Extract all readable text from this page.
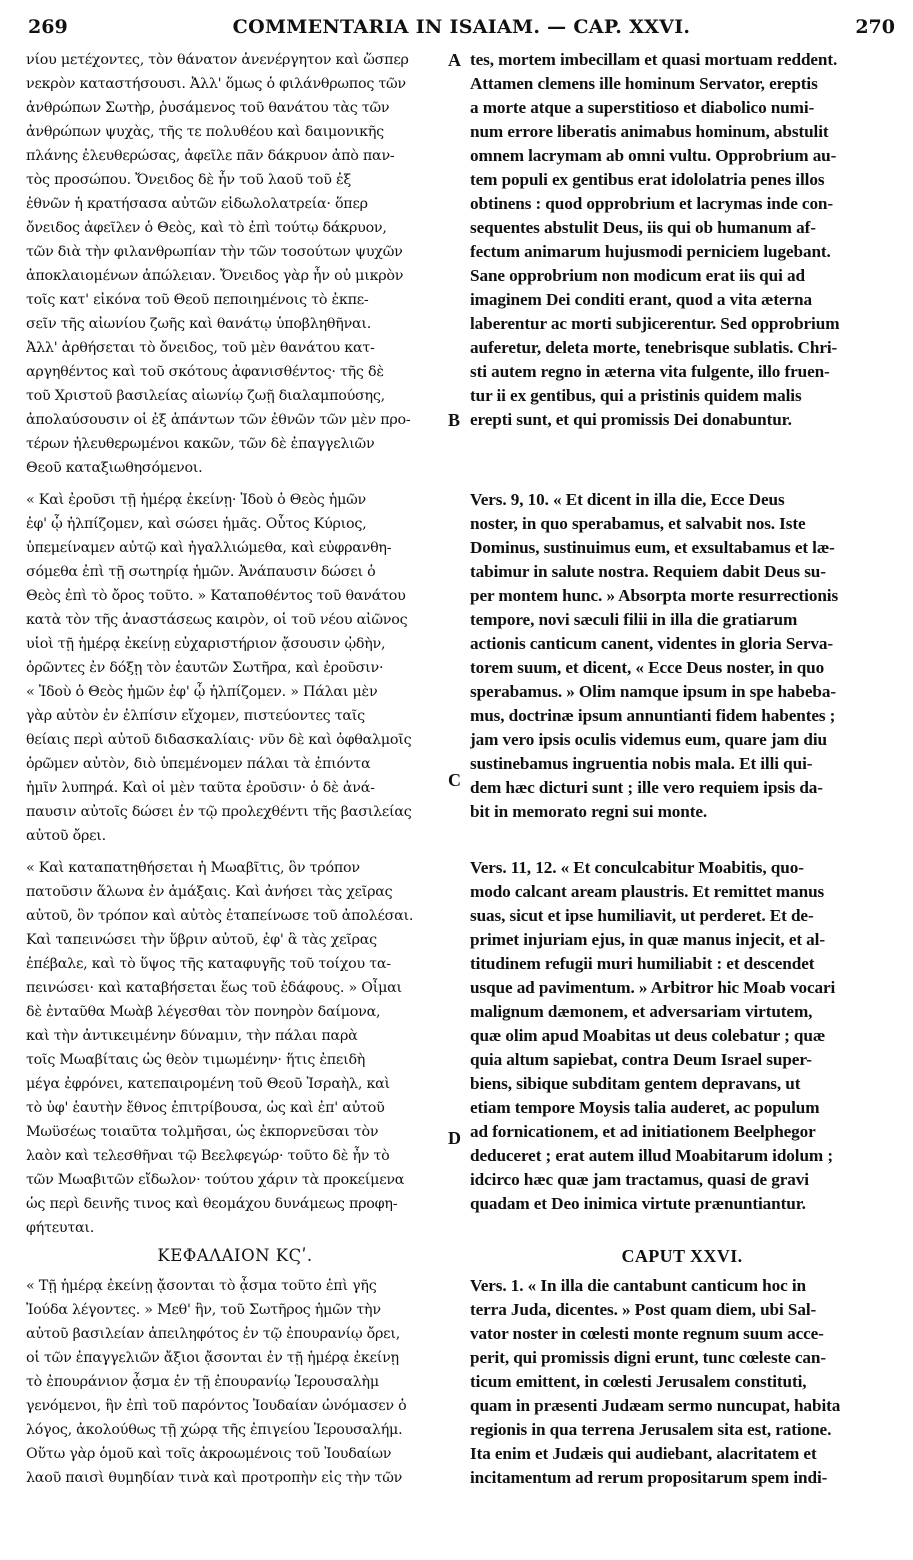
269	COMMENTARIA IN ISAIAM. — CAP. XXVI.	270
νίου μετέχοντες, τὸν θάνατον ἀνενέργητον καὶ ὥσπερ
νεκρὸν καταστήσουσι. Ἀλλ' ὅμως ὁ φιλάνθρωπος τῶν
ἀνθρώπων Σωτὴρ, ῥυσάμενος τοῦ θανάτου τὰς τῶν
ἀνθρώπων ψυχὰς, τῆς τε πολυθέου καὶ δαιμονικῆς
πλάνης ἐλευθερώσας, ἀφεῖλε πᾶν δάκρυον ἀπὸ παν-
τὸς προσώπου. Ὄνειδος δὲ ἦν τοῦ λαοῦ τοῦ ἐξ
ἐθνῶν ἡ κρατήσασα αὐτῶν εἰδωλολατρεία· ὅπερ
ὄνειδος ἀφεῖλεν ὁ Θεὸς, καὶ τὸ ἐπὶ τούτῳ δάκρυον,
τῶν διὰ τὴν φιλανθρωπίαν τὴν τῶν τοσούτων ψυχῶν
ἀποκλαιομένων ἀπώλειαν. Ὄνειδος γὰρ ἦν οὐ μικρὸν
τοῖς κατ' εἰκόνα τοῦ Θεοῦ πεποιημένοις τὸ ἐκπε-
σεῖν τῆς αἰωνίου ζωῆς καὶ θανάτῳ ὑποβληθῆναι.
Ἀλλ' ἀρθήσεται τὸ ὄνειδος, τοῦ μὲν θανάτου κατ-
αργηθέντος καὶ τοῦ σκότους ἀφανισθέντος· τῆς δὲ
τοῦ Χριστοῦ βασιλείας αἰωνίῳ ζωῇ διαλαμπούσης,
ἀπολαύσουσιν οἱ ἐξ ἁπάντων τῶν ἐθνῶν τῶν μὲν προ-
τέρων ἠλευθερωμένοι κακῶν, τῶν δὲ ἐπαγγελιῶν
Θεοῦ καταξιωθησόμενοι.
« Καὶ ἐροῦσι τῇ ἡμέρᾳ ἐκείνῃ· Ἰδοὺ ὁ Θεὸς ἡμῶν
ἐφ' ᾧ ἠλπίζομεν, καὶ σώσει ἡμᾶς. Οὗτος Κύριος,
ὑπεμείναμεν αὐτῷ καὶ ἠγαλλιώμεθα, καὶ εὐφρανθη-
σόμεθα ἐπὶ τῇ σωτηρίᾳ ἡμῶν. Ἀνάπαυσιν δώσει ὁ
Θεὸς ἐπὶ τὸ ὄρος τοῦτο. » Καταποθέντος τοῦ θανάτου
κατὰ τὸν τῆς ἀναστάσεως καιρὸν, οἱ τοῦ νέου αἰῶνος
υἱοὶ τῇ ἡμέρᾳ ἐκείνῃ εὐχαριστήριον ᾄσουσιν ᾠδὴν,
ὁρῶντες ἐν δόξῃ τὸν ἑαυτῶν Σωτῆρα, καὶ ἐροῦσιν·
« Ἰδοὺ ὁ Θεὸς ἡμῶν ἐφ' ᾧ ἠλπίζομεν. » Πάλαι μὲν
γὰρ αὐτὸν ἐν ἐλπίσιν εἴχομεν, πιστεύοντες ταῖς
θείαις περὶ αὐτοῦ διδασκαλίαις· νῦν δὲ καὶ ὀφθαλμοῖς
ὁρῶμεν αὐτὸν, διὸ ὑπεμένομεν πάλαι τὰ ἐπιόντα
ἡμῖν λυπηρά. Καὶ οἱ μὲν ταῦτα ἐροῦσιν· ὁ δὲ ἀνά-
παυσιν αὐτοῖς δώσει ἐν τῷ προλεχθέντι τῆς βασιλείας
αὐτοῦ ὄρει.
« Καὶ καταπατηθήσεται ἡ Μωαβῖτις, ὃν τρόπον
πατοῦσιν ἅλωνα ἐν ἁμάξαις. Καὶ ἀνήσει τὰς χεῖρας
αὐτοῦ, ὃν τρόπον καὶ αὐτὸς ἐταπείνωσε τοῦ ἀπολέσαι.
Καὶ ταπεινώσει τὴν ὕβριν αὐτοῦ, ἐφ' ἃ τὰς χεῖρας
ἐπέβαλε, καὶ τὸ ὕψος τῆς καταφυγῆς τοῦ τοίχου τα-
πεινώσει· καὶ καταβήσεται ἕως τοῦ ἐδάφους. » Οἶμαι
δὲ ἐνταῦθα Μωὰβ λέγεσθαι τὸν πονηρὸν δαίμονα,
καὶ τὴν ἀντικειμένην δύναμιν, τὴν πάλαι παρὰ
τοῖς Μωαβίταις ὡς θεὸν τιμωμένην· ἥτις ἐπειδὴ
μέγα ἐφρόνει, κατεπαιρομένη τοῦ Θεοῦ Ἰσραὴλ, καὶ
τὸ ὑφ' ἑαυτὴν ἔθνος ἐπιτρίβουσα, ὡς καὶ ἐπ' αὐτοῦ
Μωϋσέως τοιαῦτα τολμῆσαι, ὡς ἐκπορνεῦσαι τὸν
λαὸν καὶ τελεσθῆναι τῷ Βεελφεγώρ· τοῦτο δὲ ἦν τὸ
τῶν Μωαβιτῶν εἴδωλον· τούτου χάριν τὰ προκείμενα
ὡς περὶ δεινῆς τινος καὶ θεομάχου δυνάμεως προφη-
φήτευται.
ΚΕΦΑΛΑΙΟΝ ΚϚʹ.
« Τῇ ἡμέρᾳ ἐκείνῃ ᾄσονται τὸ ᾆσμα τοῦτο ἐπὶ γῆς
Ἰούδα λέγοντες. » Μεθ' ἣν, τοῦ Σωτῆρος ἡμῶν τὴν
αὐτοῦ βασιλείαν ἀπειληφότος ἐν τῷ ἐπουρανίῳ ὄρει,
οἱ τῶν ἐπαγγελιῶν ἄξιοι ᾄσονται ἐν τῇ ἡμέρᾳ ἐκείνῃ
τὸ ἐπουράνιον ᾆσμα ἐν τῇ ἐπουρανίῳ Ἱερουσαλὴμ
γενόμενοι, ἣν ἐπὶ τοῦ παρόντος Ἰουδαίαν ὠνόμασεν ὁ
λόγος, ἀκολούθως τῇ χώρᾳ τῆς ἐπιγείου Ἱερουσαλήμ.
Οὕτω γὰρ ὁμοῦ καὶ τοῖς ἀκροωμένοις τοῦ Ἰουδαίων
λαοῦ παισὶ θυμηδίαν τινὰ καὶ προτροπὴν εἰς τὴν τῶν
tes, mortem imbecillam et quasi mortuam reddent.
Attamen clemens ille hominum Servator, ereptis
a morte atque a superstitioso et diabolico numi-
num errore liberatis animabus hominum, abstulit
omnem lacrymam ab omni vultu. Opprobrium au-
tem populi ex gentibus erat idololatria penes illos
obtinens : quod opprobrium et lacrymas inde con-
sequentes abstulit Deus, iis qui ob humanum af-
fectum animarum hujusmodi perniciem lugebant.
Sane opprobrium non modicum erat iis qui ad
imaginem Dei conditi erant, quod a vita æterna
laberentur ac morti subjicerentur. Sed opprobrium
auferetur, deleta morte, tenebrisque sublatis. Chri-
sti autem regno in æterna vita fulgente, illo fruen-
tur ii ex gentibus, qui a pristinis quidem malis
erepti sunt, et qui promissis Dei donabuntur.
Vers. 9, 10. « Et dicent in illa die, Ecce Deus
noster, in quo sperabamus, et salvabit nos. Iste
Dominus, sustinuimus eum, et exsultabamus et læ-
tabimur in salute nostra. Requiem dabit Deus su-
per montem hunc. » Absorpta morte resurrectionis
tempore, novi sæculi filii in illa die gratiarum
actionis canticum canent, videntes in gloria Serva-
torem suum, et dicent, « Ecce Deus noster, in quo
sperabamus. » Olim namque ipsum in spe habeba-
mus, doctrinæ ipsum annuntianti fidem habentes ;
jam vero ipsis oculis videmus eum, quare jam diu
sustinebamus ingruentia nobis mala. Et illi qui-
dem hæc dicturi sunt ; ille vero requiem ipsis da-
bit in memorato regni sui monte.
Vers. 11, 12. « Et conculcabitur Moabitis, quo-
modo calcant aream plaustris. Et remittet manus
suas, sicut et ipse humiliavit, ut perderet. Et de-
primet injuriam ejus, in quæ manus injecit, et al-
titudinem refugii muri humiliabit : et descendet
usque ad pavimentum. » Arbitror hic Moab vocari
malignum dæmonem, et adversariam virtutem,
quæ olim apud Moabitas ut deus colebatur ; quæ
quia altum sapiebat, contra Deum Israel super-
biens, sibique subditam gentem depravans, ut
etiam tempore Moysis talia auderet, ac populum
ad fornicationem, et ad initiationem Beelphegor
deduceret ; erat autem illud Moabitarum idolum ;
idcirco hæc quæ jam tractamus, quasi de gravi
quadam et Deo inimica virtute prænuntiantur.
CAPUT XXVI.
Vers. 1. « In illa die cantabunt canticum hoc in
terra Juda, dicentes. » Post quam diem, ubi Sal-
vator noster in cœlesti monte regnum suum acce-
perit, qui promissis digni erunt, tunc cœleste can-
ticum emittent, in cœlesti Jerusalem constituti,
quam in præsenti Judæam sermo nuncupat, habita
regionis in qua terrena Jerusalem sita est, ratione.
Ita enim et Judæis qui audiebant, alacritatem et
incitamentum ad rerum propositarum spem indi-
A
B
C
D
